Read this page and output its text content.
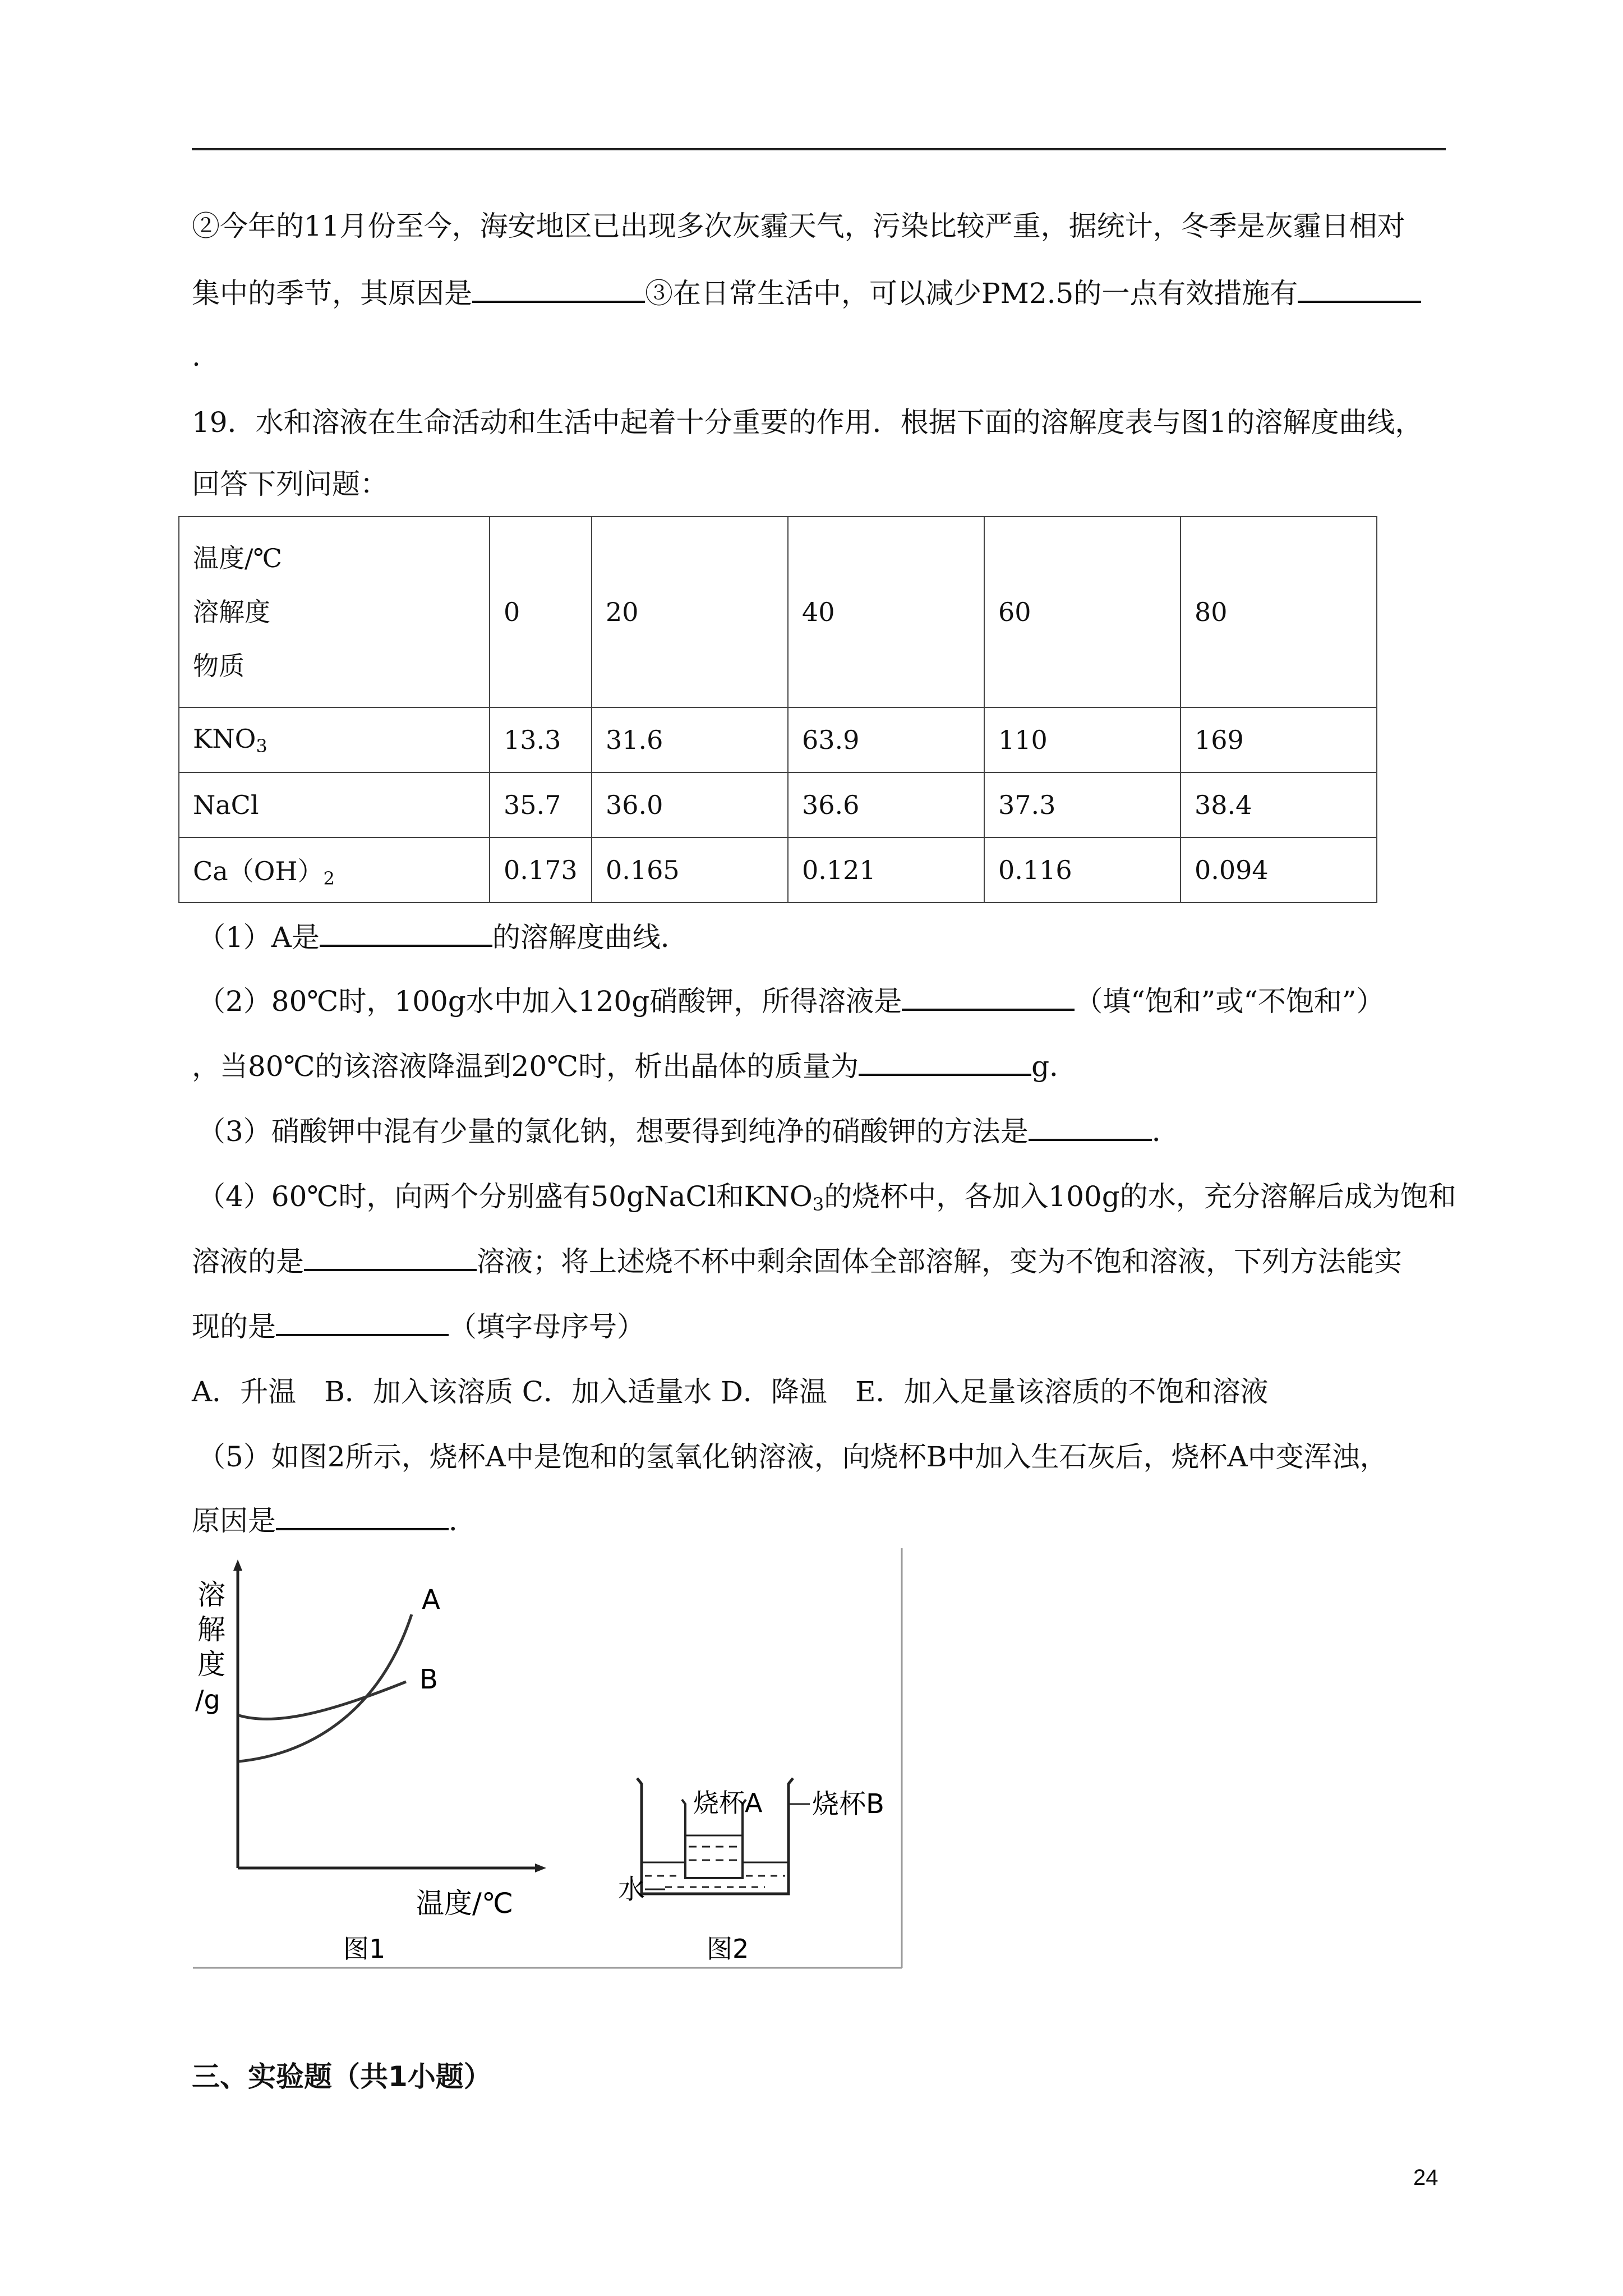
②今年的11月份至今，海安地区已出现多次灰霾天气，污染比较严重，据统计，冬季是灰霾日相对
集中的季节，其原因是	③在日常生活中，可以减少PM2.5的一点有效措施有
.
19．水和溶液在生命活动和生活中起着十分重要的作用．根据下面的溶解度表与图1的溶解度曲线，
回答下列问题：
温度/℃
溶解度
物质	0	20	40	60	80
$KNO_3$	13.3	31.6	63.9	110	169
NaCl	35.7	36.0	36.6	37.3	38.4
$Ca(OH)_2$	0.173	0.165	0.121	0.116	0.094
（1）A是	的溶解度曲线．
（2）80℃时，100g水中加入120g硝酸钾，所得溶液是	（填“饱和”或“不饱和”）
，当80℃的该溶液降温到20℃时，析出晶体的质量为	g．
（3）硝酸钾中混有少量的氯化钠，想要得到纯净的硝酸钾的方法是	．
（4）60℃时，向两个分别盛有50gNaCl和$KNO_3$的烧杯中，各加入100g的水，充分溶解后成为饱和
溶液的是	溶液；将上述烧不杯中剩余固体全部溶解，变为不饱和溶液，下列方法能实
现的是	（填字母序号）
A．升温　B．加入该溶质 C．加入适量水 D．降温　E．加入足量该溶质的不饱和溶液
（5）如图2所示，烧杯A中是饱和的氢氧化钠溶液，向烧杯B中加入生石灰后，烧杯A中变浑浊，
原因是	．
溶
解
度
/g
A
B
温度/℃
图1
烧杯A 烧杯B
水
图2
三、实验题（共1小题）
24
